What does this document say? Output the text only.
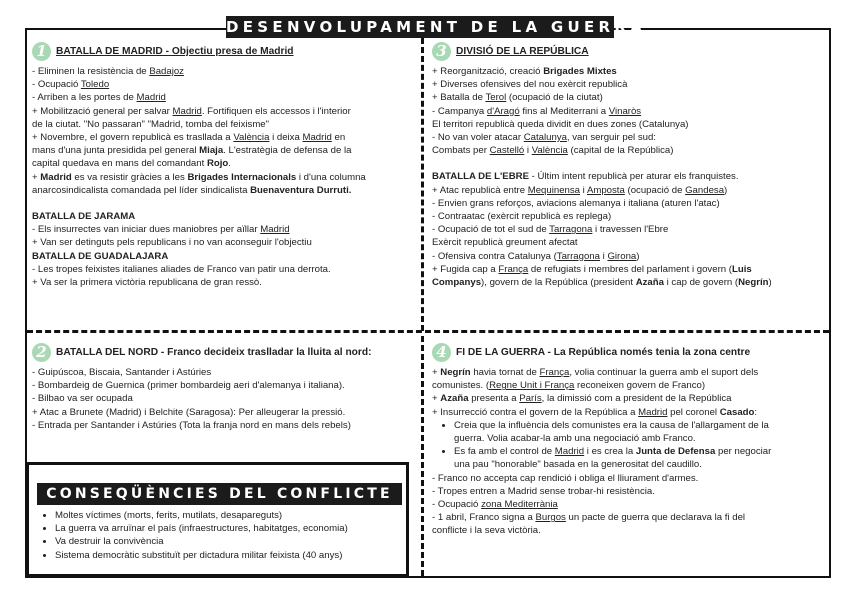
DESENVOLUPAMENT DE LA GUERRA
1 BATALLA DE MADRID - Objectiu presa de Madrid

- Eliminen la resistència de Badajoz

- Ocupació Toledo

- Arriben a les portes de Madrid

+ Mobilització general per salvar Madrid. Fortifiquen els accessos i l'interior

de la ciutat. "No passaran" "Madrid, tomba del feixisme"

+ Novembre, el govern republicà es trasllada a València i deixa Madrid en

mans d'una junta presidida pel general Miaja. L'estratègia de defensa de la

capital quedava en mans del comandant Rojo.

+ Madrid es va resistir gràcies a les Brigades Internacionals i d'una columna

anarcosindicalista comandada pel líder sindicalista Buenaventura Durruti.

BATALLA DE JARAMA

- Els insurrectes van iniciar dues maniobres per aïllar Madrid

+ Van ser detinguts pels republicans i no van aconseguir l'objectiu

BATALLA DE GUADALAJARA

- Les tropes feixistes italianes aliades de Franco van patir una derrota.

+ Va ser la primera victòria republicana de gran ressò.

3 DIVISIÓ DE LA REPÚBLICA

+ Reorganització, creació Brigades Mixtes

+ Diverses ofensives del nou exèrcit republicà

+ Batalla de Terol (ocupació de la ciutat)

- Campanya d'Aragó fins al Mediterrani a Vinaròs

El territori republicà queda dividit en dues zones (Catalunya)

- No van voler atacar Catalunya, van serguir pel sud:

Combats per Castelló i València (capital de la República)

BATALLA DE L'EBRE - Últim intent republicà per aturar els franquistes.

+ Atac republicà entre Mequinensa i Amposta (ocupació de Gandesa)

- Envien grans reforços, aviacions alemanya i italiana (aturen l'atac)

- Contraatac (exèrcit republicà es replega)

- Ocupació de tot el sud de Tarragona i travessen l'Ebre

Exèrcit republicà greument afectat

- Ofensiva contra Catalunya (Tarragona i Girona)

+ Fugida cap a França de refugiats i membres del parlament i govern (Luis

Companys), govern de la República (president Azaña i cap de govern (Negrín)

2 BATALLA DEL NORD - Franco decideix traslladar la lluita al nord:

- Guipúscoa, Biscaia, Santander i Astúries

- Bombardeig de Guernica (primer bombardeig aeri d'alemanya i italiana).

- Bilbao va ser ocupada

+ Atac a Brunete (Madrid) i Belchite (Saragosa): Per alleugerar la pressió.

- Entrada per Santander i Astúries (Tota la franja nord en mans dels rebels)

4 FI DE LA GUERRA - La República només tenia la zona centre

+ Negrín havia tornat de França, volia continuar la guerra amb el suport dels

comunistes. (Regne Unit i França reconeixen govern de Franco)

+ Azaña presenta a París, la dimissió com a president de la República

+ Insurrecció contra el govern de la República a Madrid pel coronel Casado:

• Creia que la influència dels comunistes era la causa de l'allargament de la
guerra. Volia acabar-la amb una negociació amb Franco.
• Es fa amb el control de Madrid i es crea la Junta de Defensa per negociar
una pau "honorable" basada en la generositat del caudillo.

- Franco no accepta cap rendició i obliga el lliurament d'armes.

- Tropes entren a Madrid sense trobar-hi resistència.

- Ocupació zona Mediterrània

- 1 abril, Franco signa a Burgos un pacte de guerra que declarava la fi del

conflicte i la seva victòria.

CONSEQÜÈNCIES DEL CONFLICTE
• Moltes víctimes (morts, ferits, mutilats, desapareguts)
• La guerra va arruïnar el país (infraestructures, habitatges, economia)
• Va destruir la convivència
• Sistema democràtic substituït per dictadura militar feixista (40 anys)
